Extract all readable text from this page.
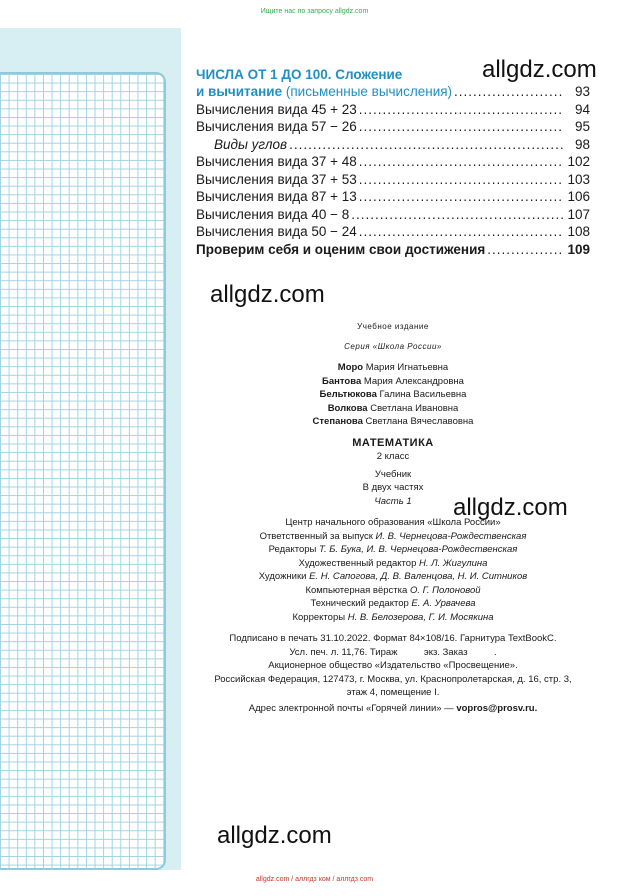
Ищите нас по запросу allgdz.com
ЧИСЛА ОТ 1 ДО 100. Сложение
и вычитание (письменные вычисления) .....	93
Вычисления вида 45 + 23 .....	94
Вычисления вида 57 − 26 .....	95
Виды углов .....	98
Вычисления вида 37 + 48 .....	102
Вычисления вида 37 + 53 .....	103
Вычисления вида 87 + 13 .....	106
Вычисления вида 40 − 8 .....	107
Вычисления вида 50 − 24 .....	108
Проверим себя и оценим свои достижения .....	109
allgdz.com
allgdz.com
allgdz.com
allgdz.com
Учебное издание
Серия «Школа России»
Моро Мария Игнатьевна
Бантова Мария Александровна
Бельтюкова Галина Васильевна
Волкова Светлана Ивановна
Степанова Светлана Вячеславовна
МАТЕМАТИКА
2 класс
Учебник
В двух частях
Часть 1
Центр начального образования «Школа России»
Ответственный за выпуск И. В. Чернецова-Рождественская
Редакторы Т. Б. Бука, И. В. Чернецова-Рождественская
Художественный редактор Н. Л. Жигулина
Художники Е. Н. Сапогова, Д. В. Валенцова, Н. И. Ситников
Компьютерная вёрстка О. Г. Полоновой
Технический редактор Е. А. Урвачева
Корректоры Н. В. Белозерова, Г. И. Мосякина
Подписано в печать 31.10.2022. Формат 84×108/16. Гарнитура TextBookC.
Усл. печ. л. 11,76. Тираж          экз. Заказ          .
Акционерное общество «Издательство «Просвещение».
Российская Федерация, 127473, г. Москва, ул. Краснопролетарская, д. 16, стр. 3,
этаж 4, помещение I.
Адрес электронной почты «Горячей линии» — vopros@prosv.ru.
allgdz.com / аллгдз ком / аллгдз com
